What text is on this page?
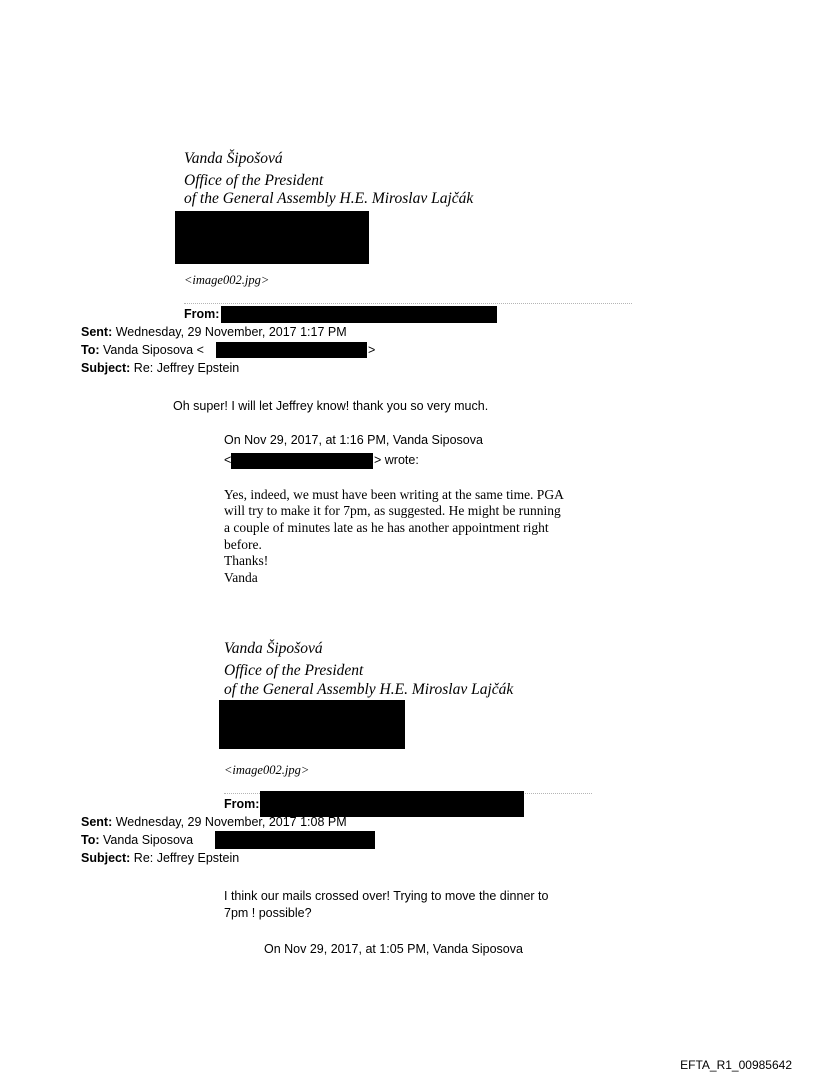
Vanda Šipošová
Office of the President
of the General Assembly H.E. Miroslav Lajčák
<image002.jpg>
From:
Sent: Wednesday, 29 November, 2017 1:17 PM
To: Vanda Siposova <	>
Subject: Re: Jeffrey Epstein
Oh super! I will let Jeffrey know! thank you so very much.
On Nov 29, 2017, at 1:16 PM, Vanda Siposova
<	> wrote:
Yes, indeed, we must have been writing at the same time. PGA
will try to make it for 7pm, as suggested. He might be running
a couple of minutes late as he has another appointment right
before.
Thanks!
Vanda
Vanda Šipošová
Office of the President
of the General Assembly H.E. Miroslav Lajčák
<image002.jpg>
From:
Sent: Wednesday, 29 November, 2017 1:08 PM
To: Vanda Siposova
Subject: Re: Jeffrey Epstein
I think our mails crossed over! Trying to move the dinner to
7pm ! possible?
On Nov 29, 2017, at 1:05 PM, Vanda Siposova
EFTA_R1_00985642
